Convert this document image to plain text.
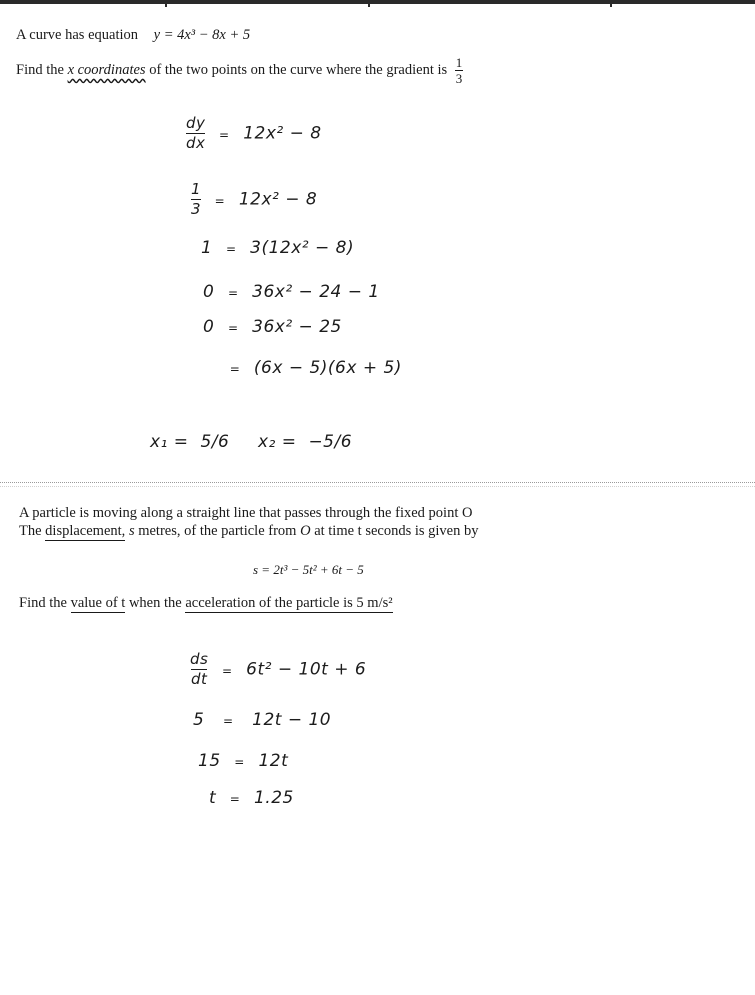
A curve has equation y = 4x³ − 8x + 5
Find the x coordinates of the two points on the curve where the gradient is $\frac{1}{3}$
$\frac{dy}{dx} = 12x^2 - 8$
$\frac{1}{3} = 12x^2 - 8$
1 = 3(12x² − 8)
0 = 36x² − 24 − 1
0 = 36x² − 25
= (6x − 5)(6x + 5)
x₁ = 5/6 x₂ = −5/6
A particle is moving along a straight line that passes through the fixed point O
The displacement, s metres, of the particle from O at time t seconds is given by
s = 2t³ − 5t² + 6t − 5
Find the value of t when the acceleration of the particle is 5 m/s²
$\frac{ds}{dt} = 6t^2 - 10t + 6$
5 = 12t − 10
15 = 12t
t = 1.25
